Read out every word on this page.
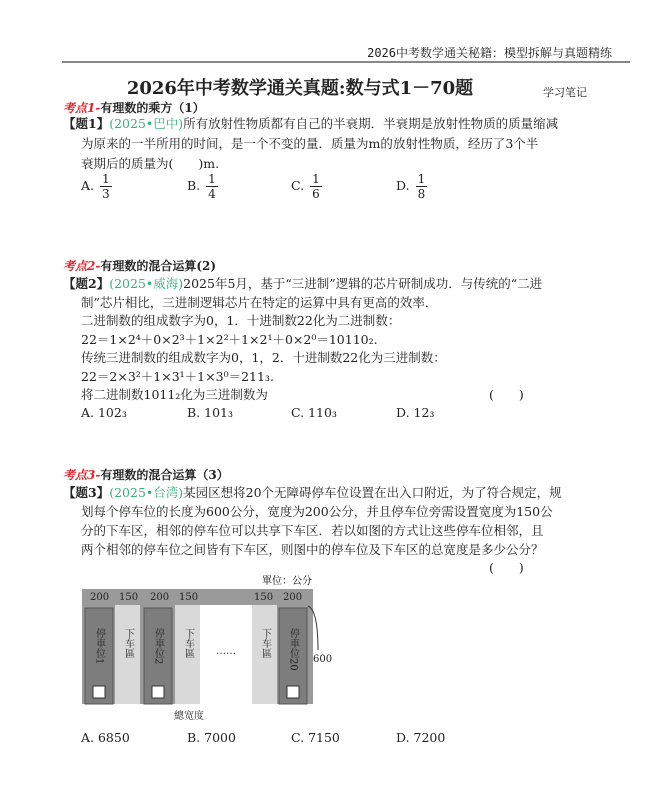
2026中考数学通关秘籍：模型拆解与真题精练
2026年中考数学通关真题:数与式1－70题	学习笔记
考点1-有理数的乘方（1）
【题1】(2025•巴中)所有放射性物质都有自己的半衰期．半衰期是放射性物质的质量缩减
为原来的一半所用的时间，是一个不变的量．质量为m的放射性物质，经历了3个半
衰期后的质量为(　　)m.
A. $\frac{1}{3}$	B. $\frac{1}{4}$	C. $\frac{1}{6}$	D. $\frac{1}{8}$
考点2-有理数的混合运算(2)
【题2】(2025•威海)2025年5月，基于“三进制”逻辑的芯片研制成功．与传统的“二进
制”芯片相比，三进制逻辑芯片在特定的运算中具有更高的效率．
二进制数的组成数字为0，1．十进制数22化为二进制数：
22＝1×2⁴＋0×2³＋1×2²＋1×2¹＋0×2⁰＝10110₂.
传统三进制数的组成数字为0，1，2．十进制数22化为三进制数：
22＝2×3²＋1×3¹＋1×3⁰＝211₃.
将二进制数1011₂化为三进制数为	(　　)
A. 102₃	B. 101₃	C. 110₃	D. 12₃
考点3-有理数的混合运算（3）
【题3】(2025•台湾)某园区想将20个无障碍停车位设置在出入口附近，为了符合规定，规
划每个停车位的长度为600公分，宽度为200公分，并且停车位旁需设置宽度为150公
分的下车区，相邻的停车位可以共享下车区．若以如图的方式让这些停车位相邻，且
两个相邻的停车位之间皆有下车区，则图中的停车位及下车区的总宽度是多少公分？
(　　)
單位：公分
200 150 200 150	150 200
停車位1	停車位2	停車位20
下车區	下车區	下车區
……
600
總宽度
A. 6850	B. 7000	C. 7150	D. 7200
